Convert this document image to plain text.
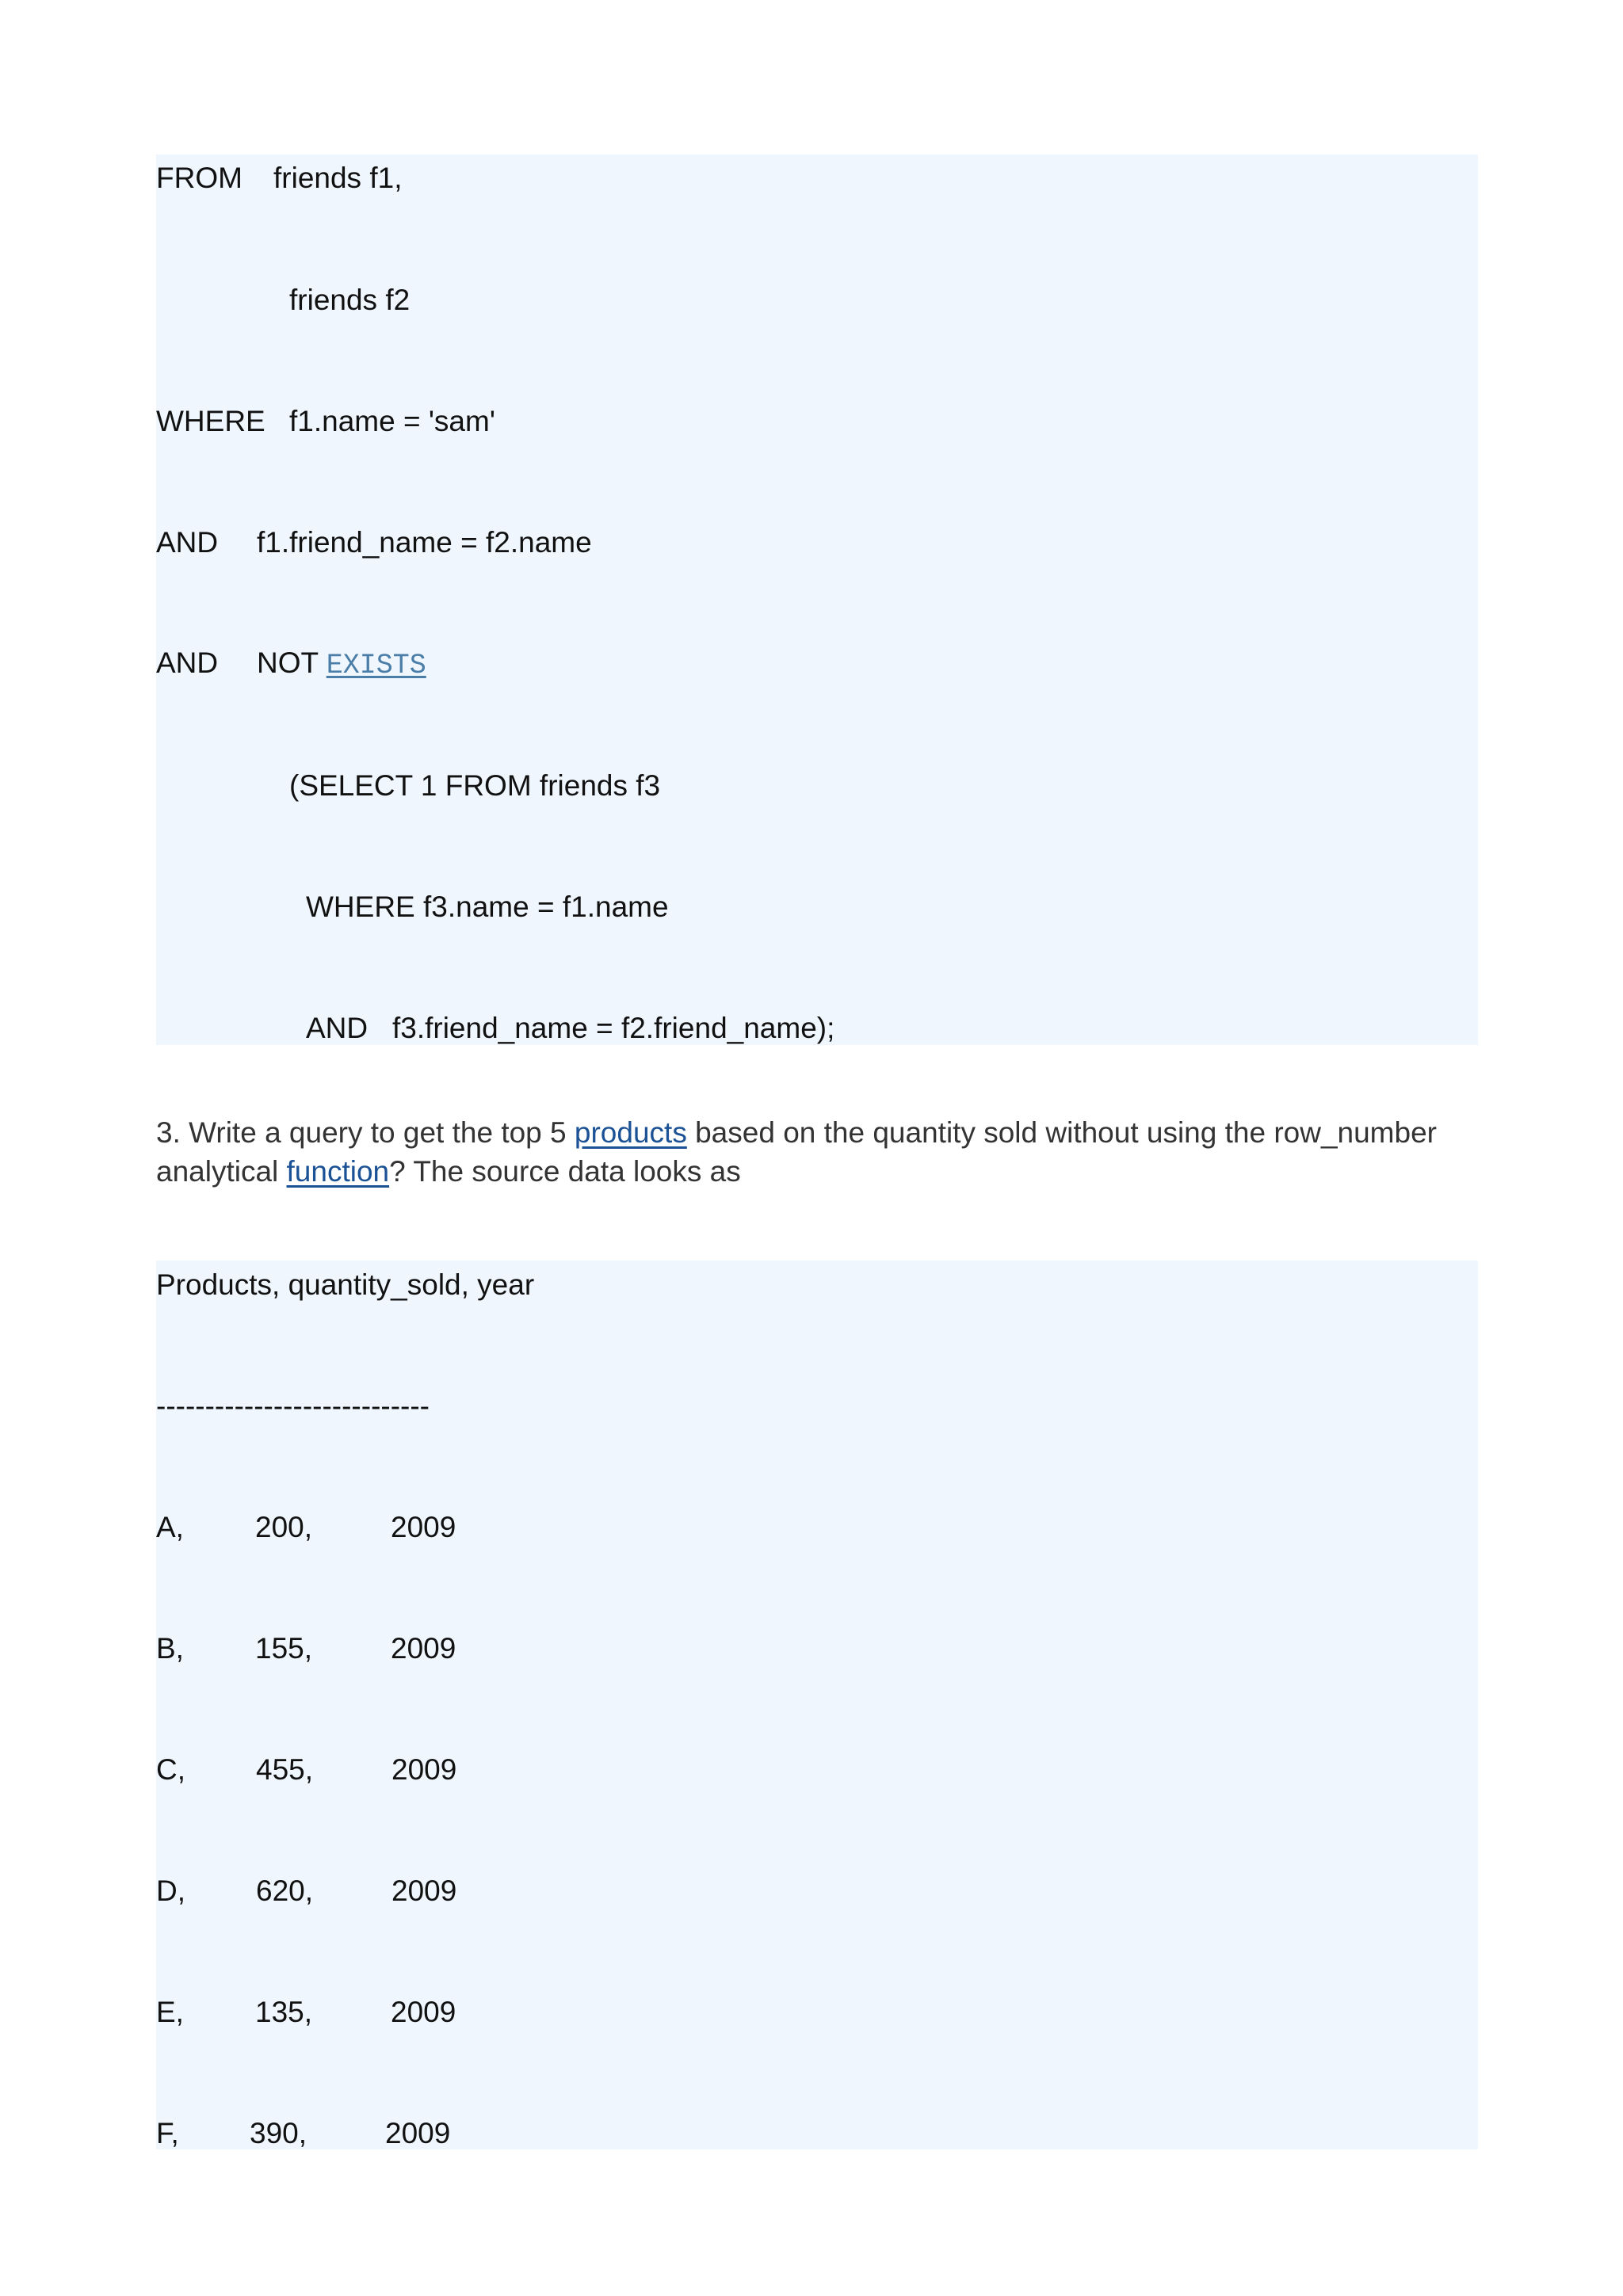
FROM friends f1,
friends f2
WHERE f1.name = 'sam'
AND f1.friend_name = f2.name
AND NOT EXISTS
(SELECT 1 FROM friends f3
WHERE f3.name = f1.name
AND   f3.friend_name = f2.friend_name);

3. Write a query to get the top 5 products based on the quantity sold without using the row_number analytical function? The source data looks as

Products, quantity_sold, year
----------------------------
A, 200,	2009
B, 155,	2009
C, 455,	2009
D, 620,	2009
E, 135,	2009
F, 390,	2009
